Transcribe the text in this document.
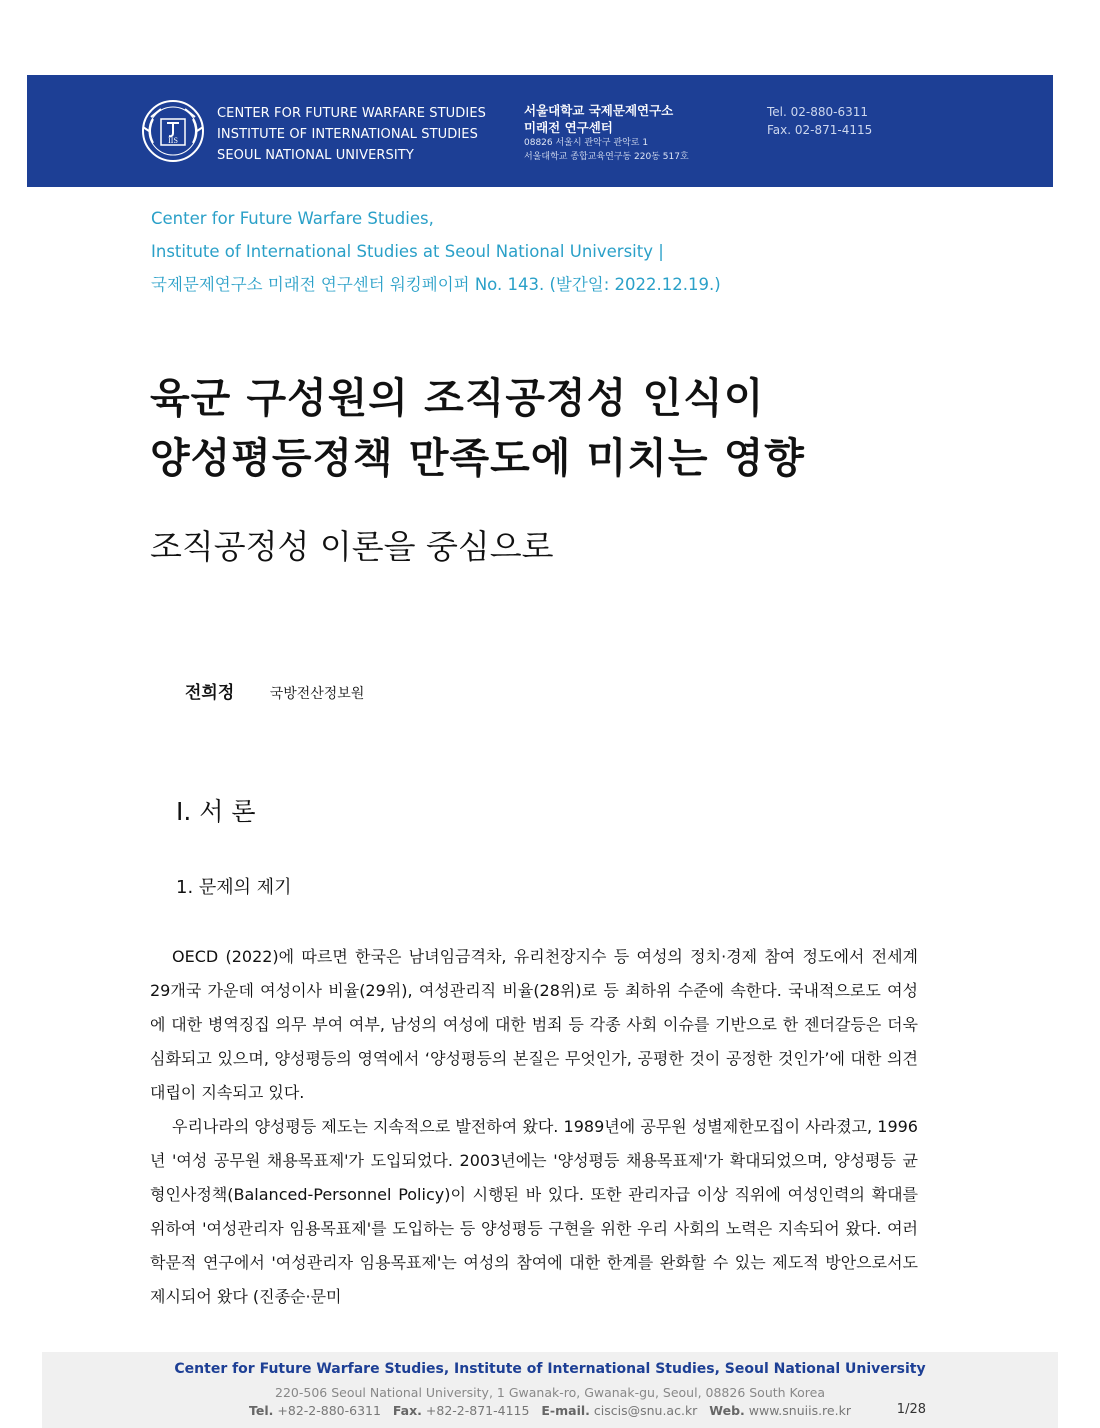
IIS
CENTER FOR FUTURE WARFARE STUDIES
INSTITUTE OF INTERNATIONAL STUDIES
SEOUL NATIONAL UNIVERSITY
서울대학교 국제문제연구소
미래전 연구센터
08826 서울시 관악구 관악로 1
서울대학교 종합교육연구동 220동 517호
Tel. 02-880-6311
Fax. 02-871-4115
Center for Future Warfare Studies,
Institute of International Studies at Seoul National University |
국제문제연구소 미래전 연구센터 워킹페이퍼 No. 143. (발간일: 2022.12.19.)
육군 구성원의 조직공정성 인식이
양성평등정책 만족도에 미치는 영향
조직공정성 이론을 중심으로
전희정	국방전산정보원
I. 서 론
1. 문제의 제기

OECD (2022)에 따르면 한국은 남녀임금격차, 유리천장지수 등 여성의 정치·경제 참여 정도에서 전세계 29개국 가운데 여성이사 비율(29위), 여성관리직 비율(28위)로 등 최하위 수준에 속한다. 국내적으로도 여성에 대한 병역징집 의무 부여 여부, 남성의 여성에 대한 범죄 등 각종 사회 이슈를 기반으로 한 젠더갈등은 더욱 심화되고 있으며, 양성평등의 영역에서 ‘양성평등의 본질은 무엇인가, 공평한 것이 공정한 것인가’에 대한 의견대립이 지속되고 있다.

우리나라의 양성평등 제도는 지속적으로 발전하여 왔다. 1989년에 공무원 성별제한모집이 사라졌고, 1996년 '여성 공무원 채용목표제'가 도입되었다. 2003년에는 '양성평등 채용목표제'가 확대되었으며, 양성평등 균형인사정책(Balanced-Personnel Policy)이 시행된 바 있다. 또한 관리자급 이상 직위에 여성인력의 확대를 위하여 '여성관리자 임용목표제'를 도입하는 등 양성평등 구현을 위한 우리 사회의 노력은 지속되어 왔다. 여러 학문적 연구에서 '여성관리자 임용목표제'는 여성의 참여에 대한 한계를 완화할 수 있는 제도적 방안으로서도 제시되어 왔다 (진종순·문미

Center for Future Warfare Studies, Institute of International Studies, Seoul National University
220-506 Seoul National University, 1 Gwanak-ro, Gwanak-gu, Seoul, 08826 South Korea
Tel. +82-2-880-6311 Fax. +82-2-871-4115 E-mail. ciscis@snu.ac.kr Web. www.snuiis.re.kr	1/28
